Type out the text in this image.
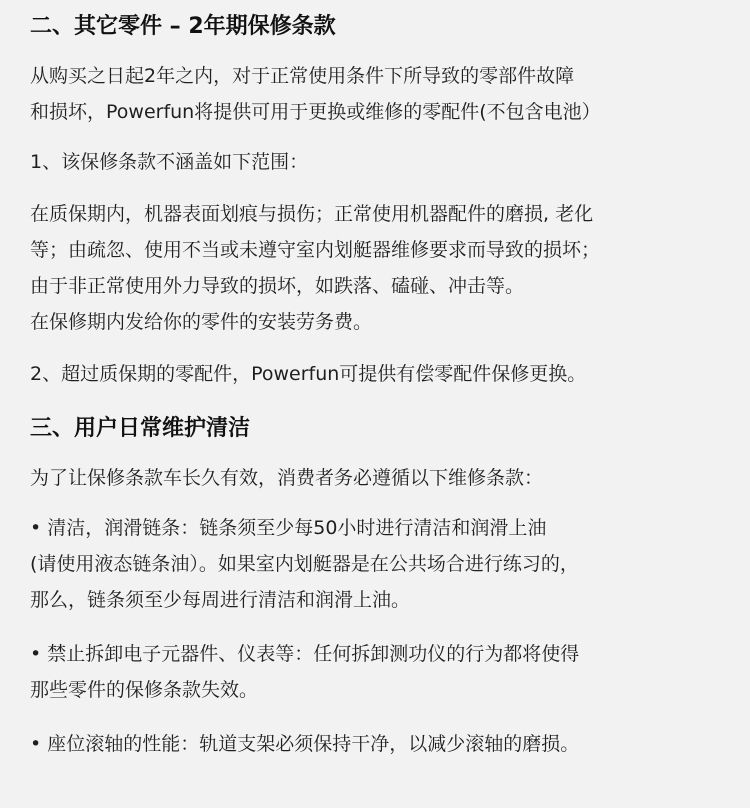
二、其它零件 – 2年期保修条款

从购买之日起2年之内，对于正常使用条件下所导致的零部件故障
和损坏，Powerfun将提供可用于更换或维修的零配件(不包含电池）

1、该保修条款不涵盖如下范围：

在质保期内，机器表面划痕与损伤；正常使用机器配件的磨损, 老化
等；由疏忽、使用不当或未遵守室内划艇器维修要求而导致的损坏；
由于非正常使用外力导致的损坏，如跌落、磕碰、冲击等。
在保修期内发给你的零件的安装劳务费。

2、超过质保期的零配件，Powerfun可提供有偿零配件保修更换。

三、用户日常维护清洁

为了让保修条款车长久有效，消费者务必遵循以下维修条款：

• 清洁，润滑链条：链条须至少每50小时进行清洁和润滑上油
(请使用液态链条油）。如果室内划艇器是在公共场合进行练习的，
那么，链条须至少每周进行清洁和润滑上油。

• 禁止拆卸电子元器件、仪表等：任何拆卸测功仪的行为都将使得
那些零件的保修条款失效。

• 座位滚轴的性能：轨道支架必须保持干净，以减少滚轴的磨损。
